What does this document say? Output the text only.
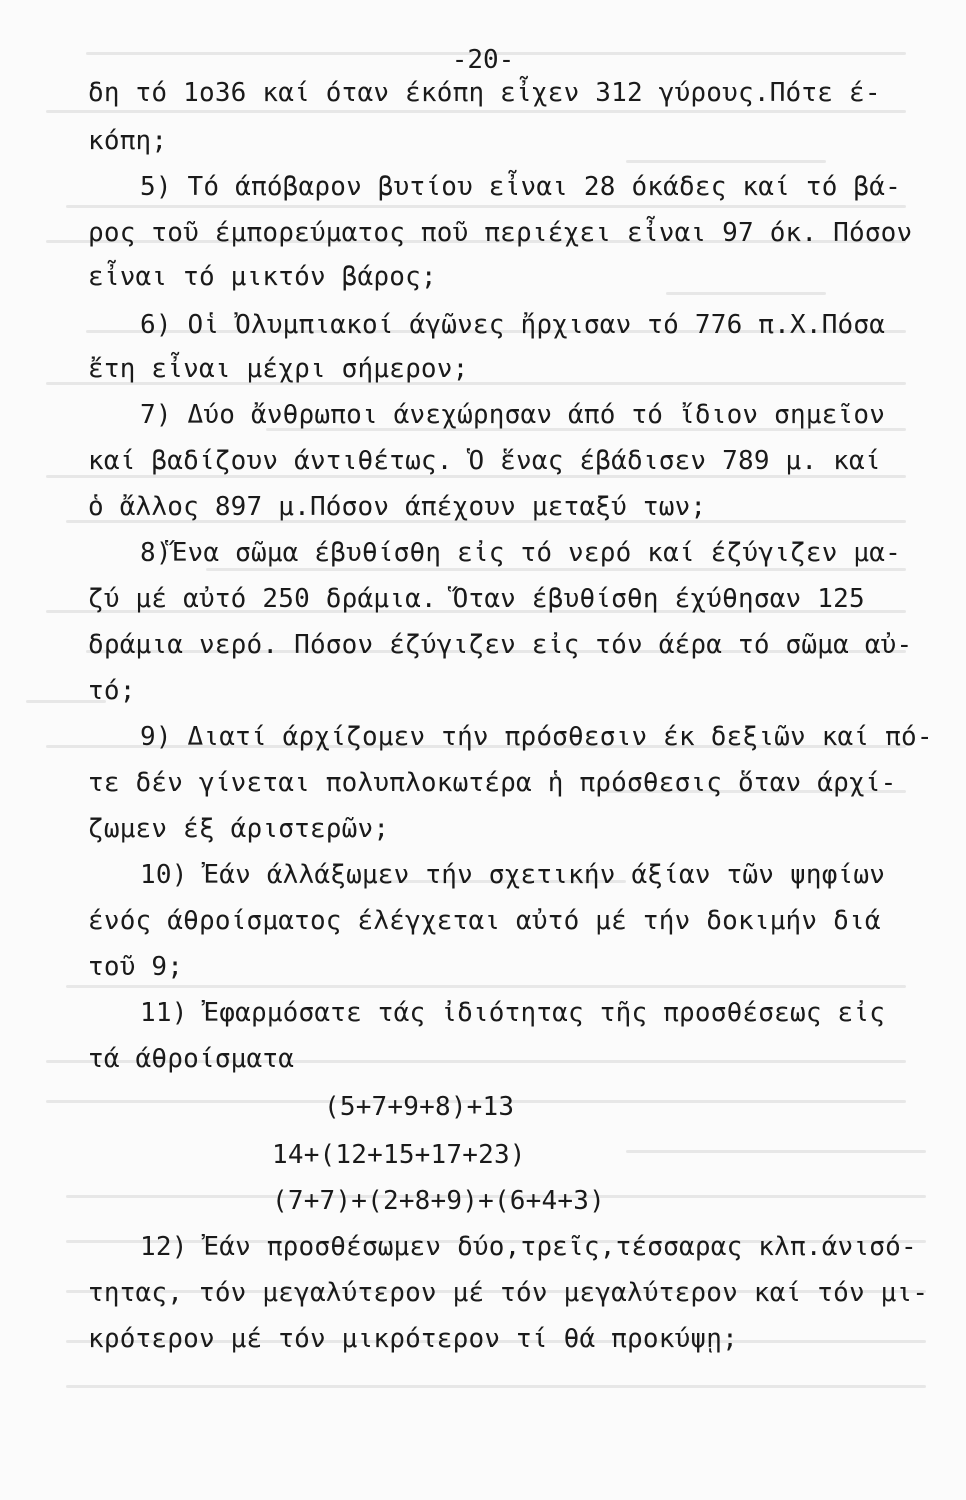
-20-
δη τό 1ο36 καί όταν έκόπη εἶχεν 312 γύρους.Πότε έ-
κόπη;
5) Τό άπόβαρον βυτίου εἶναι 28 όκάδες καί τό βά-
ρος τοῦ έμπορεύματος ποῦ περιέχει εἶναι 97 όκ. Πόσον
εἶναι τό μικτόν βάρος;
6) Οἱ Ὀλυμπιακοί άγῶνες ἤρχισαν τό 776 π.Χ.Πόσα
ἔτη εἶναι μέχρι σήμερον;
7) Δύο ἄνθρωποι άνεχώρησαν άπό τό ἴδιον σημεῖον
καί βαδίζουν άντιθέτως. Ὁ ἕνας έβάδισεν 789 μ. καί
ὁ ἄλλος 897 μ.Πόσον άπέχουν μεταξύ των;
8)Ἕνα σῶμα έβυθίσθη εἰς τό νερό καί έζύγιζεν μα-
ζύ μέ αὐτό 250 δράμια. Ὅταν έβυθίσθη έχύθησαν 125
δράμια νερό. Πόσον έζύγιζεν εἰς τόν άέρα τό σῶμα αὐ-
τό;
9) Διατί άρχίζομεν τήν πρόσθεσιν έκ δεξιῶν καί πό-
τε δέν γίνεται πολυπλοκωτέρα ἡ πρόσθεσις ὅταν άρχί-
ζωμεν έξ άριστερῶν;
10) Ἐάν άλλάξωμεν τήν σχετικήν άξίαν τῶν ψηφίων
ένός άθροίσματος έλέγχεται αὐτό μέ τήν δοκιμήν διά
τοῦ 9;
11) Ἐφαρμόσατε τάς ἰδιότητας τῆς προσθέσεως εἰς
τά άθροίσματα
(5+7+9+8)+13
14+(12+15+17+23)
(7+7)+(2+8+9)+(6+4+3)
12) Ἐάν προσθέσωμεν δύο,τρεῖς,τέσσαρας κλπ.άνισό-
τητας, τόν μεγαλύτερον μέ τόν μεγαλύτερον καί τόν μι-
κρότερον μέ τόν μικρότερον τί θά προκύψῃ;
